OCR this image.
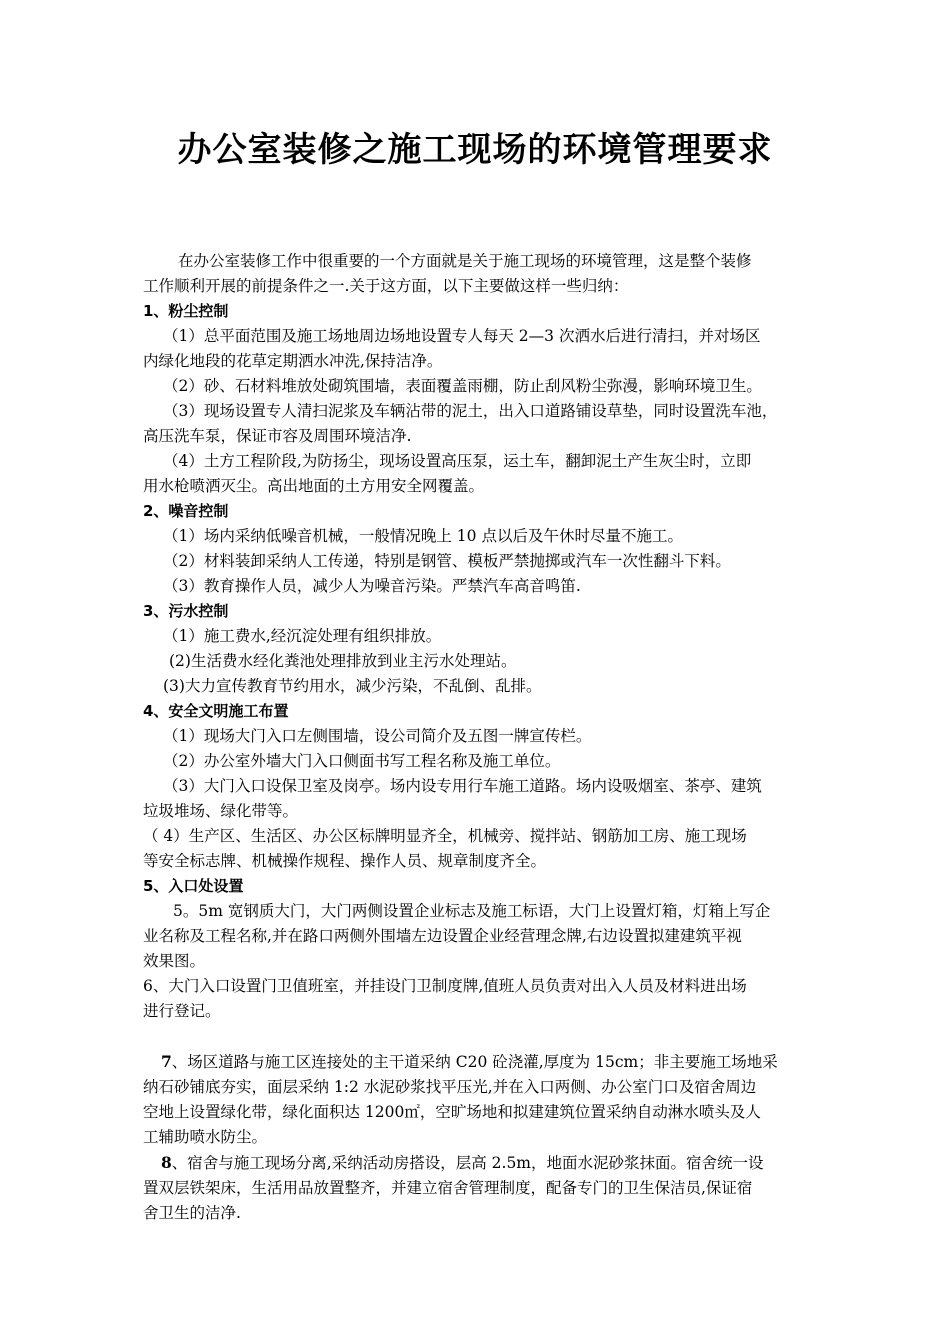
办公室装修之施工现场的环境管理要求

在办公室装修工作中很重要的一个方面就是关于施工现场的环境管理，这是整个装修

工作顺利开展的前提条件之一.关于这方面，以下主要做这样一些归纳：

1、粉尘控制

（1）总平面范围及施工场地周边场地设置专人每天 2—3 次洒水后进行清扫，并对场区

内绿化地段的花草定期洒水冲洗,保持洁净。

（2）砂、石材料堆放处砌筑围墙，表面覆盖雨棚，防止刮风粉尘弥漫，影响环境卫生。

（3）现场设置专人清扫泥浆及车辆沾带的泥土，出入口道路铺设草垫，同时设置洗车池，

高压洗车泵，保证市容及周围环境洁净.

（4）土方工程阶段,为防扬尘，现场设置高压泵，运土车，翻卸泥土产生灰尘时，立即

用水枪喷洒灭尘。高出地面的土方用安全网覆盖。

2、噪音控制

（1）场内采纳低噪音机械，一般情况晚上 10 点以后及午休时尽量不施工。

（2）材料装卸采纳人工传递，特别是钢管、模板严禁抛掷或汽车一次性翻斗下料。

（3）教育操作人员，减少人为噪音污染。严禁汽车高音鸣笛.

3、污水控制

（1）施工费水,经沉淀处理有组织排放。

(2)生活费水经化粪池处理排放到业主污水处理站。

(3)大力宣传教育节约用水，减少污染，不乱倒、乱排。

4、安全文明施工布置

（1）现场大门入口左侧围墙，设公司简介及五图一牌宣传栏。

（2）办公室外墙大门入口侧面书写工程名称及施工单位。

（3）大门入口设保卫室及岗亭。场内设专用行车施工道路。场内设吸烟室、茶亭、建筑

垃圾堆场、绿化带等。

（ 4）生产区、生活区、办公区标牌明显齐全，机械旁、搅拌站、钢筋加工房、施工现场

等安全标志牌、机械操作规程、操作人员、规章制度齐全。

5、入口处设置

5。5m 宽钢质大门，大门两侧设置企业标志及施工标语，大门上设置灯箱，灯箱上写企

业名称及工程名称,并在路口两侧外围墙左边设置企业经营理念牌,右边设置拟建建筑平视

效果图。

6、大门入口设置门卫值班室，并挂设门卫制度牌,值班人员负责对出入人员及材料进出场

进行登记。

7、场区道路与施工区连接处的主干道采纳 C20 砼浇灌,厚度为 15cm；非主要施工场地采

纳石砂铺底夯实，面层采纳 1:2 水泥砂浆找平压光,并在入口两侧、办公室门口及宿舍周边

空地上设置绿化带，绿化面积达 1200㎡，空旷场地和拟建建筑位置采纳自动淋水喷头及人

工辅助喷水防尘。

8、宿舍与施工现场分离,采纳活动房搭设，层高 2.5m，地面水泥砂浆抹面。宿舍统一设

置双层铁架床，生活用品放置整齐，并建立宿舍管理制度，配备专门的卫生保洁员,保证宿

舍卫生的洁净.
